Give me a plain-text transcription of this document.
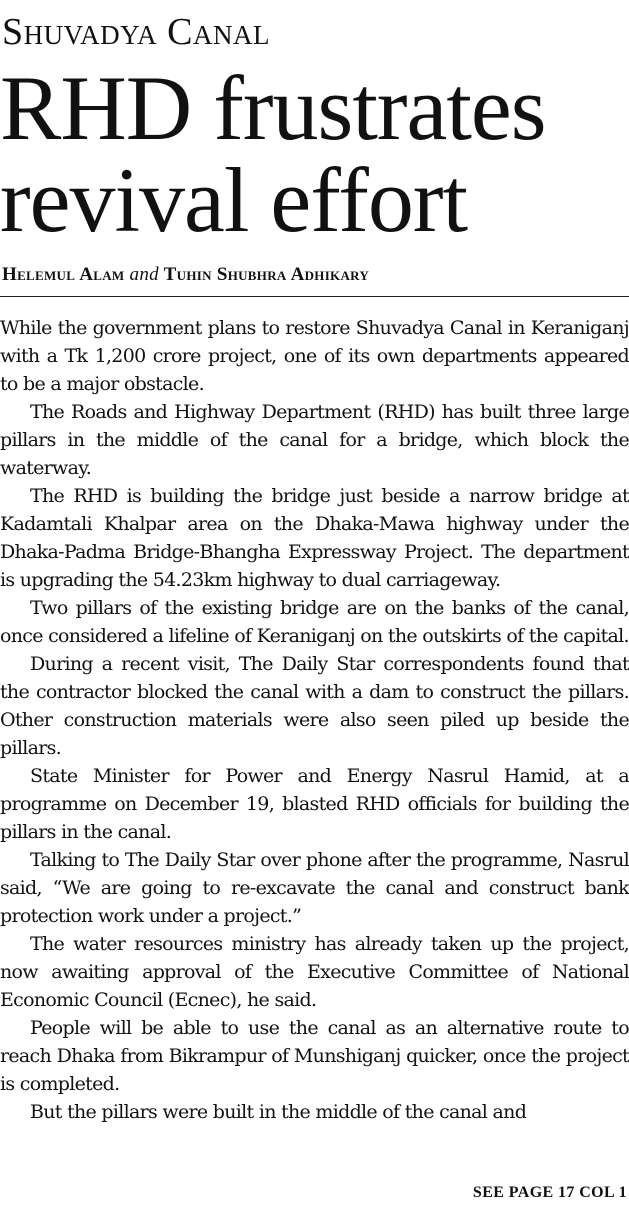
Shuvadya Canal
RHD frustrates
revival effort
Helemul Alam and Tuhin Shubhra Adhikary

While the government plans to restore Shuvadya Canal in Keraniganj with a Tk 1,200 crore project, one of its own departments appeared to be a major obstacle.

The Roads and Highway Department (RHD) has built three large pillars in the middle of the canal for a bridge, which block the waterway.

The RHD is building the bridge just beside a narrow bridge at Kadamtali Khalpar area on the Dhaka-Mawa highway under the Dhaka-Padma Bridge-Bhangha Expressway Project. The department is upgrading the 54.23km highway to dual carriageway.

Two pillars of the existing bridge are on the banks of the canal, once considered a lifeline of Keraniganj on the outskirts of the capital.

During a recent visit, The Daily Star correspondents found that the contractor blocked the canal with a dam to construct the pillars. Other construction materials were also seen piled up beside the pillars.

State Minister for Power and Energy Nasrul Hamid, at a programme on December 19, blasted RHD officials for building the pillars in the canal.

Talking to The Daily Star over phone after the programme, Nasrul said, “We are going to re-excavate the canal and construct bank protection work under a project.”

The water resources ministry has already taken up the project, now awaiting approval of the Executive Committee of National Economic Council (Ecnec), he said.

People will be able to use the canal as an alternative route to reach Dhaka from Bikrampur of Munshiganj quicker, once the project is completed.

But the pillars were built in the middle of the canal and

SEE PAGE 17 COL 1
